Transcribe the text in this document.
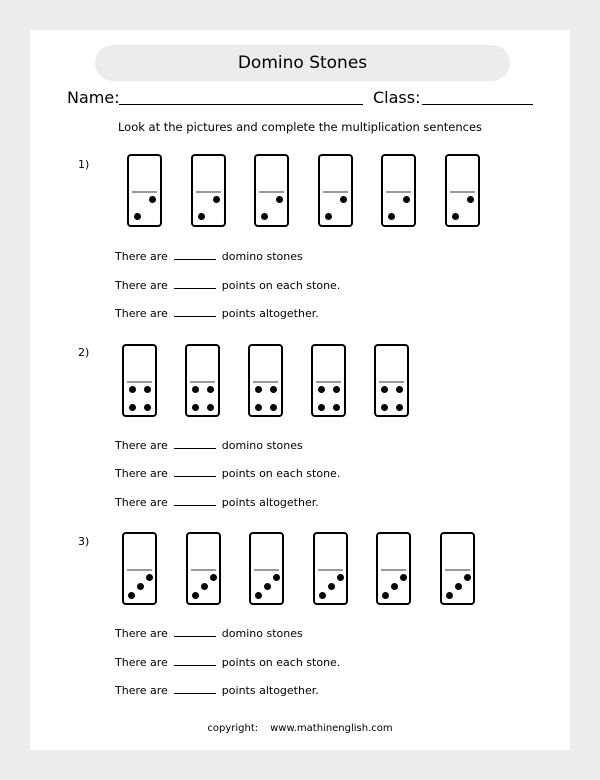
Domino Stones
Name:	Class:
Look at the pictures and complete the multiplication sentences
1)
There are	domino stones
There are	points on each stone.
There are	points altogether.
2)
There are	domino stones
There are	points on each stone.
There are	points altogether.
3)
There are	domino stones
There are	points on each stone.
There are	points altogether.
copyright: www.mathinenglish.com
